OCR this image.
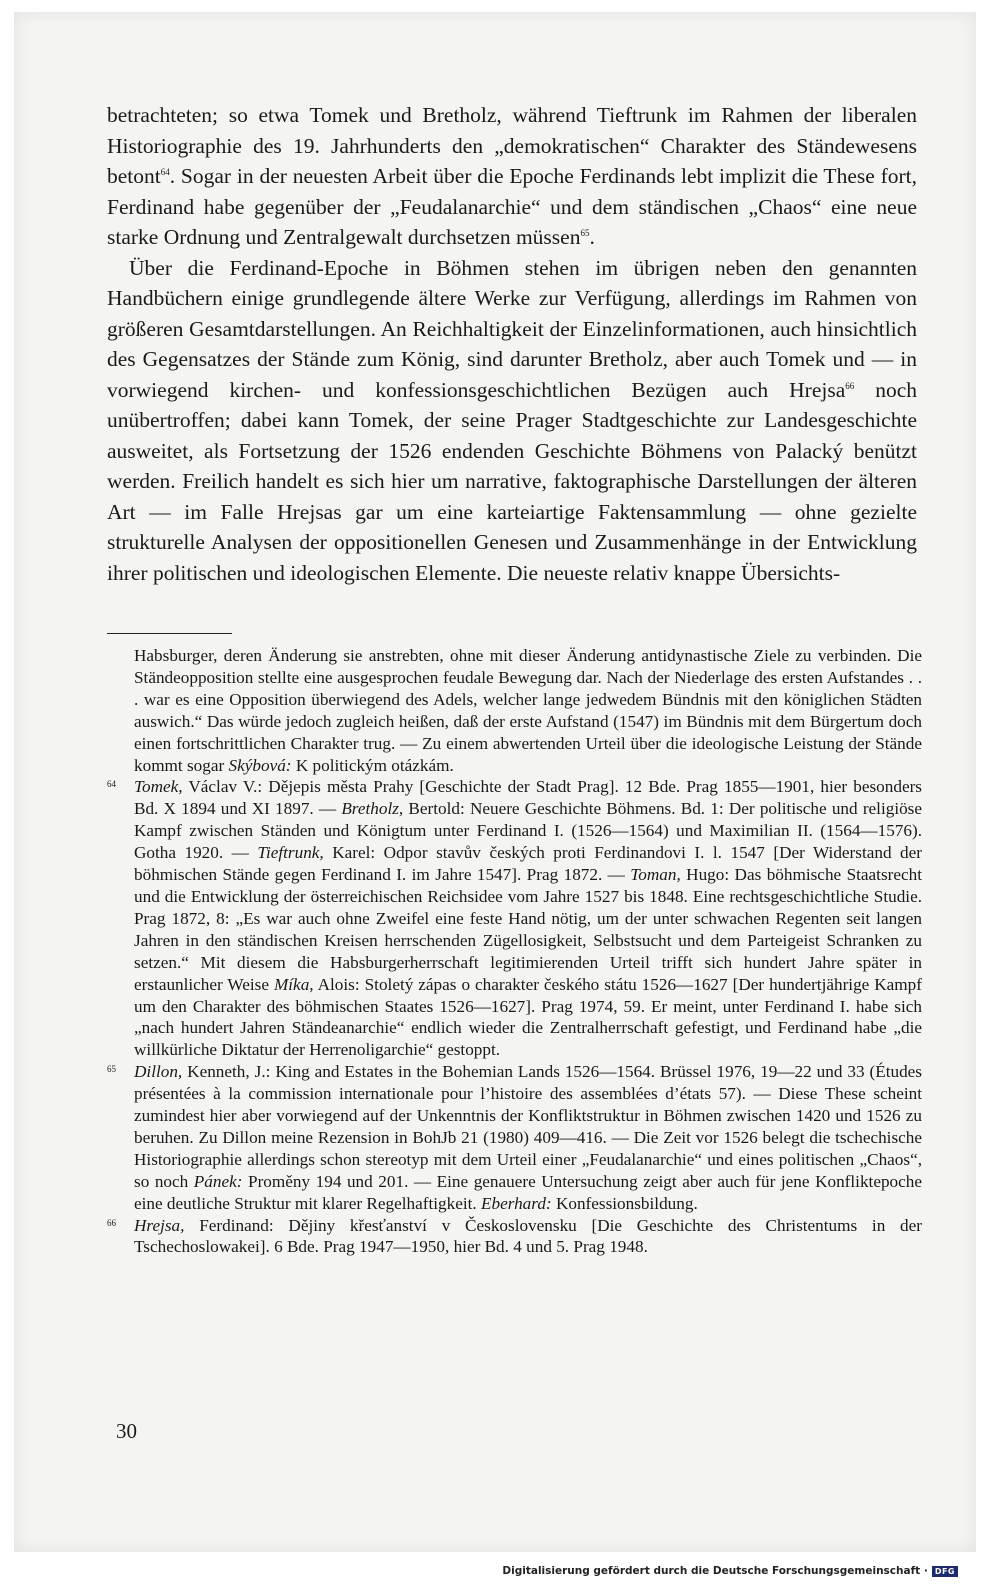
betrachteten; so etwa Tomek und Bretholz, während Tieftrunk im Rahmen der liberalen Historiographie des 19. Jahrhunderts den „demokratischen“ Charakter des Ständewesens betont$^{64}$. Sogar in der neuesten Arbeit über die Epoche Ferdinands lebt implizit die These fort, Ferdinand habe gegenüber der „Feudalanarchie“ und dem ständischen „Chaos“ eine neue starke Ordnung und Zentralgewalt durchsetzen müssen$^{65}$.

Über die Ferdinand-Epoche in Böhmen stehen im übrigen neben den genannten Handbüchern einige grundlegende ältere Werke zur Verfügung, allerdings im Rahmen von größeren Gesamtdarstellungen. An Reichhaltigkeit der Einzelinformationen, auch hinsichtlich des Gegensatzes der Stände zum König, sind darunter Bretholz, aber auch Tomek und — in vorwiegend kirchen- und konfessionsgeschichtlichen Bezügen auch Hrejsa$^{66}$ noch unübertroffen; dabei kann Tomek, der seine Prager Stadtgeschichte zur Landesgeschichte ausweitet, als Fortsetzung der 1526 endenden Geschichte Böhmens von Palacký benützt werden. Freilich handelt es sich hier um narrative, faktographische Darstellungen der älteren Art — im Falle Hrejsas gar um eine karteiartige Faktensammlung — ohne gezielte strukturelle Analysen der oppositionellen Genesen und Zusammenhänge in der Entwicklung ihrer politischen und ideologischen Elemente. Die neueste relativ knappe Übersichts-

Habsburger, deren Änderung sie anstrebten, ohne mit dieser Änderung antidynastische Ziele zu verbinden. Die Ständeopposition stellte eine ausgesprochen feudale Bewegung dar. Nach der Niederlage des ersten Aufstandes . . . war es eine Opposition überwiegend des Adels, welcher lange jedwedem Bündnis mit den königlichen Städten auswich.“ Das würde jedoch zugleich heißen, daß der erste Aufstand (1547) im Bündnis mit dem Bürgertum doch einen fortschrittlichen Charakter trug. — Zu einem abwertenden Urteil über die ideologische Leistung der Stände kommt sogar Skýbová: K politickým otázkám.

64 Tomek, Václav V.: Dějepis města Prahy [Geschichte der Stadt Prag]. 12 Bde. Prag 1855—1901, hier besonders Bd. X 1894 und XI 1897. — Bretholz, Bertold: Neuere Geschichte Böhmens. Bd. 1: Der politische und religiöse Kampf zwischen Ständen und Königtum unter Ferdinand I. (1526—1564) und Maximilian II. (1564—1576). Gotha 1920. — Tieftrunk, Karel: Odpor stavův českých proti Ferdinandovi I. l. 1547 [Der Widerstand der böhmischen Stände gegen Ferdinand I. im Jahre 1547]. Prag 1872. — Toman, Hugo: Das böhmische Staatsrecht und die Entwicklung der österreichischen Reichsidee vom Jahre 1527 bis 1848. Eine rechtsgeschichtliche Studie. Prag 1872, 8: „Es war auch ohne Zweifel eine feste Hand nötig, um der unter schwachen Regenten seit langen Jahren in den ständischen Kreisen herrschenden Zügellosigkeit, Selbstsucht und dem Parteigeist Schranken zu setzen.“ Mit diesem die Habsburgerherrschaft legitimierenden Urteil trifft sich hundert Jahre später in erstaunlicher Weise Míka, Alois: Stoletý zápas o charakter českého státu 1526—1627 [Der hundertjährige Kampf um den Charakter des böhmischen Staates 1526—1627]. Prag 1974, 59. Er meint, unter Ferdinand I. habe sich „nach hundert Jahren Ständeanarchie“ endlich wieder die Zentralherrschaft gefestigt, und Ferdinand habe „die willkürliche Diktatur der Herrenoligarchie“ gestoppt.

65 Dillon, Kenneth, J.: King and Estates in the Bohemian Lands 1526—1564. Brüssel 1976, 19—22 und 33 (Études présentées à la commission internationale pour l’histoire des assemblées d’états 57). — Diese These scheint zumindest hier aber vorwiegend auf der Unkenntnis der Konfliktstruktur in Böhmen zwischen 1420 und 1526 zu beruhen. Zu Dillon meine Rezension in BohJb 21 (1980) 409—416. — Die Zeit vor 1526 belegt die tschechische Historiographie allerdings schon stereotyp mit dem Urteil einer „Feudalanarchie“ und eines politischen „Chaos“, so noch Pánek: Proměny 194 und 201. — Eine genauere Untersuchung zeigt aber auch für jene Konfliktepoche eine deutliche Struktur mit klarer Regelhaftigkeit. Eberhard: Konfessionsbildung.

66 Hrejsa, Ferdinand: Dějiny křesťanství v Československu [Die Geschichte des Christentums in der Tschechoslowakei]. 6 Bde. Prag 1947—1950, hier Bd. 4 und 5. Prag 1948.

30
Digitalisierung gefördert durch die Deutsche Forschungsgemeinschaft · DFG
